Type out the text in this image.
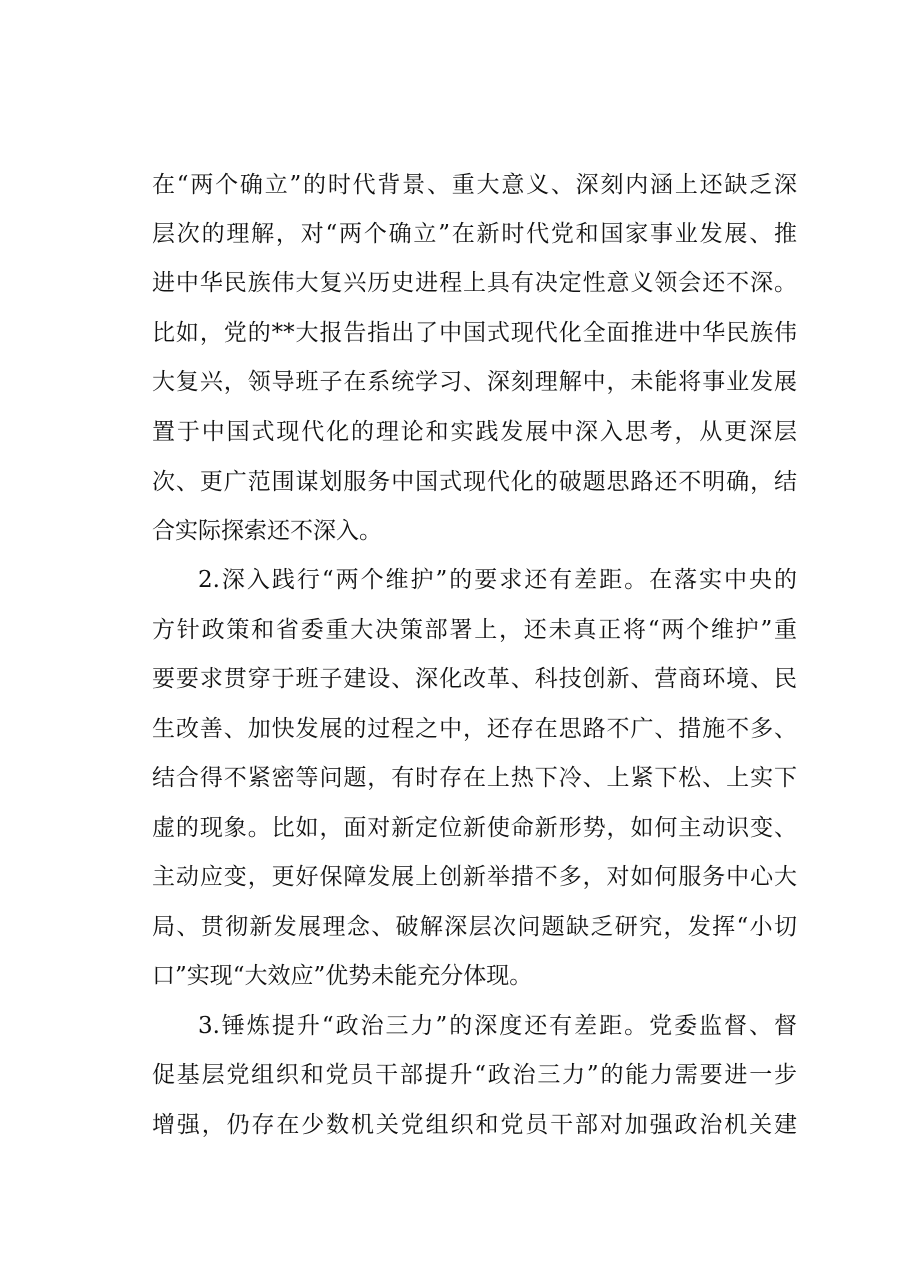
在“两个确立”的时代背景、重大意义、深刻内涵上还缺乏深
层次的理解，对“两个确立”在新时代党和国家事业发展、推
进中华民族伟大复兴历史进程上具有决定性意义领会还不深。
比如，党的**大报告指出了中国式现代化全面推进中华民族伟
大复兴，领导班子在系统学习、深刻理解中，未能将事业发展
置于中国式现代化的理论和实践发展中深入思考，从更深层
次、更广范围谋划服务中国式现代化的破题思路还不明确，结
合实际探索还不深入。
2.深入践行“两个维护”的要求还有差距。在落实中央的
方针政策和省委重大决策部署上，还未真正将“两个维护”重
要要求贯穿于班子建设、深化改革、科技创新、营商环境、民
生改善、加快发展的过程之中，还存在思路不广、措施不多、
结合得不紧密等问题，有时存在上热下冷、上紧下松、上实下
虚的现象。比如，面对新定位新使命新形势，如何主动识变、
主动应变，更好保障发展上创新举措不多，对如何服务中心大
局、贯彻新发展理念、破解深层次问题缺乏研究，发挥“小切
口”实现“大效应”优势未能充分体现。
3.锤炼提升“政治三力”的深度还有差距。党委监督、督
促基层党组织和党员干部提升“政治三力”的能力需要进一步
增强，仍存在少数机关党组织和党员干部对加强政治机关建
